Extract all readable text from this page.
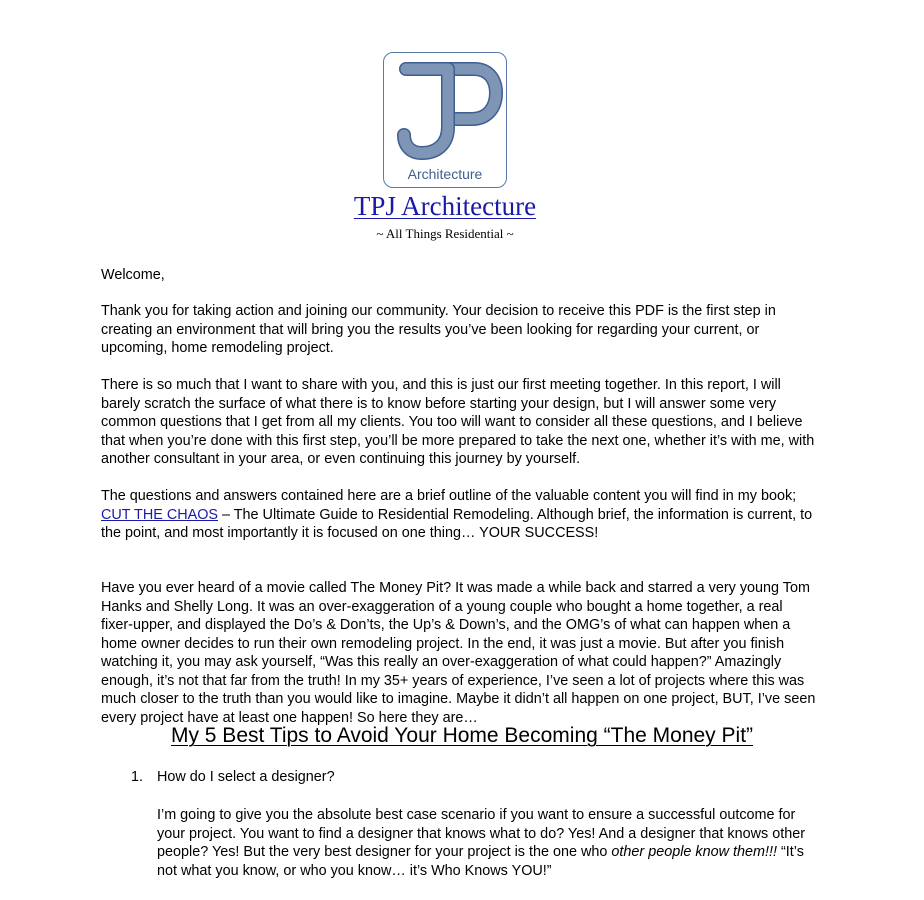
Architecture
TPJ Architecture
~ All Things Residential ~

Welcome,

Thank you for taking action and joining our community. Your decision to receive this PDF is the first step in creating an environment that will bring you the results you’ve been looking for regarding your current, or upcoming, home remodeling project.

There is so much that I want to share with you, and this is just our first meeting together. In this report, I will barely scratch the surface of what there is to know before starting your design, but I will answer some very common questions that I get from all my clients. You too will want to consider all these questions, and I believe that when you’re done with this first step, you’ll be more prepared to take the next one, whether it’s with me, with another consultant in your area, or even continuing this journey by yourself.

The questions and answers contained here are a brief outline of the valuable content you will find in my book; CUT THE CHAOS – The Ultimate Guide to Residential Remodeling. Although brief, the information is current, to the point, and most importantly it is focused on one thing… YOUR SUCCESS!

Have you ever heard of a movie called The Money Pit? It was made a while back and starred a very young Tom Hanks and Shelly Long. It was an over-exaggeration of a young couple who bought a home together, a real fixer-upper, and displayed the Do’s & Don’ts, the Up’s & Down’s, and the OMG’s of what can happen when a home owner decides to run their own remodeling project. In the end, it was just a movie. But after you finish watching it, you may ask yourself, “Was this really an over-exaggeration of what could happen?” Amazingly enough, it’s not that far from the truth! In my 35+ years of experience, I’ve seen a lot of projects where this was much closer to the truth than you would like to imagine. Maybe it didn’t all happen on one project, BUT, I’ve seen every project have at least one happen! So here they are…

My 5 Best Tips to Avoid Your Home Becoming “The Money Pit”
1. How do I select a designer?

I’m going to give you the absolute best case scenario if you want to ensure a successful outcome for your project. You want to find a designer that knows what to do? Yes! And a designer that knows other people? Yes! But the very best designer for your project is the one who other people know them!!! “It’s not what you know, or who you know… it’s Who Knows YOU!”
